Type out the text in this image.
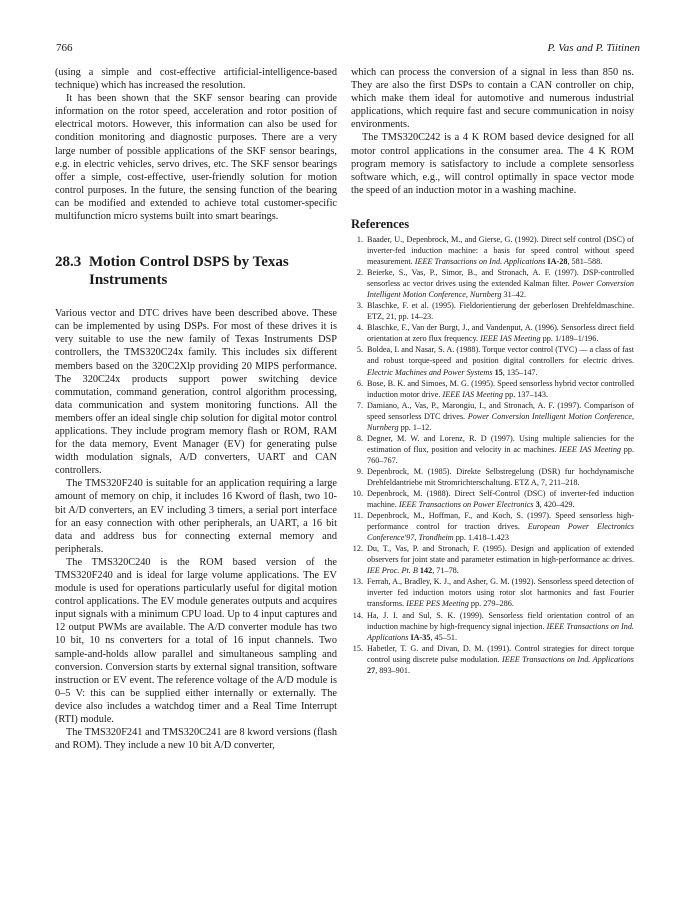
766	P. Vas and P. Tiitinen

(using a simple and cost-effective artificial-intelligence-based technique) which has increased the resolution.

It has been shown that the SKF sensor bearing can provide information on the rotor speed, acceleration and rotor position of electrical motors. However, this information can also be used for condition monitoring and diagnostic purposes. There are a very large number of possible applications of the SKF sensor bearings, e.g. in electric vehicles, servo drives, etc. The SKF sensor bearings offer a simple, cost-effective, user-friendly solution for motion control purposes. In the future, the sensing function of the bearing can be modified and extended to achieve total customer-specific multifunction micro systems built into smart bearings.

28.3 Motion Control DSPS by Texas Instruments

Various vector and DTC drives have been described above. These can be implemented by using DSPs. For most of these drives it is very suitable to use the new family of Texas Instruments DSP controllers, the TMS320C24x family. This includes six different members based on the 320C2Xlp providing 20 MIPS performance. The 320C24x products support power switching device commutation, command generation, control algorithm processing, data communication and system monitoring functions. All the members offer an ideal single chip solution for digital motor control applications. They include program memory flash or ROM, RAM for the data memory, Event Manager (EV) for generating pulse width modulation signals, A/D converters, UART and CAN controllers.

The TMS320F240 is suitable for an application requiring a large amount of memory on chip, it includes 16 Kword of flash, two 10-bit A/D converters, an EV including 3 timers, a serial port interface for an easy connection with other peripherals, an UART, a 16 bit data and address bus for connecting external memory and peripherals.

The TMS320C240 is the ROM based version of the TMS320F240 and is ideal for large volume applications. The EV module is used for operations particularly useful for digital motion control applications. The EV module generates outputs and acquires input signals with a minimum CPU load. Up to 4 input captures and 12 output PWMs are available. The A/D converter module has two 10 bit, 10 ns converters for a total of 16 input channels. Two sample-and-holds allow parallel and simultaneous sampling and conversion. Conversion starts by external signal transition, software instruction or EV event. The reference voltage of the A/D module is 0–5 V: this can be supplied either internally or externally. The device also includes a watchdog timer and a Real Time Interrupt (RTI) module.

The TMS320F241 and TMS320C241 are 8 kword versions (flash and ROM). They include a new 10 bit A/D converter,

which can process the conversion of a signal in less than 850 ns. They are also the first DSPs to contain a CAN controller on chip, which make them ideal for automotive and numerous industrial applications, which require fast and secure communication in noisy environments.

The TMS320C242 is a 4 K ROM based device designed for all motor control applications in the consumer area. The 4 K ROM program memory is satisfactory to include a complete sensorless software which, e.g., will control optimally in space vector mode the speed of an induction motor in a washing machine.

References
1. Baader, U., Depenbrock, M., and Gierse, G. (1992). Direct self control (DSC) of inverter-fed induction machine: a basis for speed control without speed measurement. IEEE Transactions on Ind. Applications IA-28, 581–588.
2. Beierke, S., Vas, P., Simor, B., and Stronach, A. F. (1997). DSP-controlled sensorless ac vector drives using the extended Kalman filter. Power Conversion Intelligent Motion Conference, Nurnberg 31–42.
3. Blaschke, F. et al. (1995). Fieldorientierung der geberlosen Drehfeldmaschine. ETZ, 21, pp. 14–23.
4. Blaschke, F., Van der Burgt, J., and Vandenput, A. (1996). Sensorless direct field orientation at zero flux frequency. IEEE IAS Meeting pp. 1/189–1/196.
5. Boldea, I. and Nasar, S. A. (1988). Torque vector control (TVC) — a class of fast and robust torque-speed and position digital controllers for electric drives. Electric Machines and Power Systems 15, 135–147.
6. Bose, B. K. and Simoes, M. G. (1995). Speed sensorless hybrid vector controlled induction motor drive. IEEE IAS Meeting pp. 137–143.
7. Damiano, A., Vas, P., Marongiu, I., and Stronach, A. F. (1997). Comparison of speed sensorless DTC drives. Power Conversion Intelligent Motion Conference, Nurnberg pp. 1–12.
8. Degner, M. W. and Lorenz, R. D (1997). Using multiple saliencies for the estimation of flux, position and velocity in ac machines. IEEE IAS Meeting pp. 760–767.
9. Depenbrock, M. (1985). Direkte Selbstregelung (DSR) fur hochdynamische Drehfeldantriebe mit Stromrichterschaltung. ETZ A, 7, 211–218.
10. Depenbrock, M. (1988). Direct Self-Control (DSC) of inverter-fed induction machine. IEEE Transactions on Power Electronics 3, 420–429.
11. Depenbrock, M., Hoffman, F., and Koch, S. (1997). Speed sensorless high-performance control for traction drives. European Power Electronics Conference'97, Trondheim pp. 1.418–1.423
12. Du, T., Vas, P. and Stronach, F. (1995). Design and application of extended observers for joint state and parameter estimation in high-performance ac drives. IEE Proc. Pt. B 142, 71–78.
13. Ferrah, A., Bradley, K. J., and Asher, G. M. (1992). Sensorless speed detection of inverter fed induction motors using rotor slot harmonics and fast Fourier transforms. IEEE PES Meeting pp. 279–286.
14. Ha, J. I. and Sul, S. K. (1999). Sensorless field orientation control of an induction machine by high-frequency signal injection. IEEE Transactions on Ind. Applications IA-35, 45–51.
15. Habetler, T. G. and Divan, D. M. (1991). Control strategies for direct torque control using discrete pulse modulation. IEEE Transactions on Ind. Applications 27, 893–901.
